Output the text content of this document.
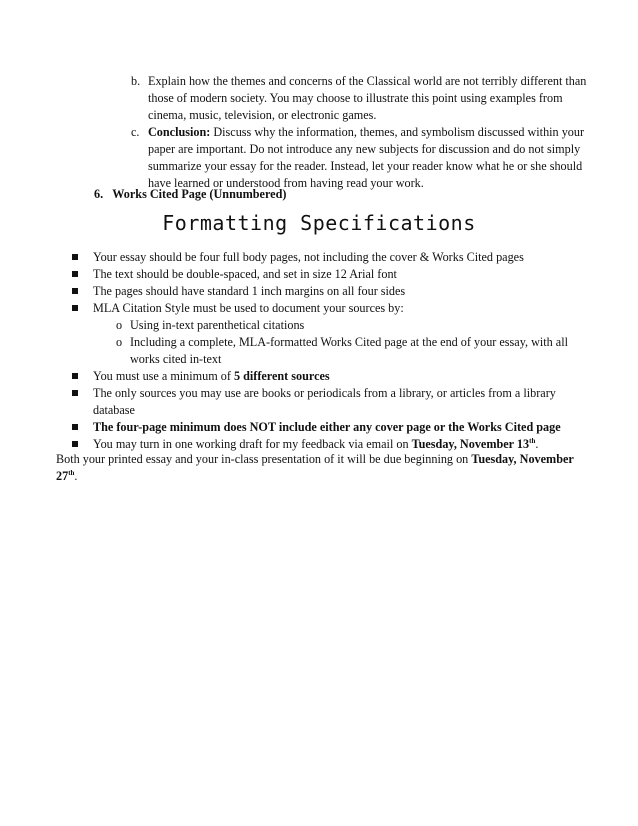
b. Explain how the themes and concerns of the Classical world are not terribly different than those of modern society. You may choose to illustrate this point using examples from cinema, music, television, or electronic games.
c. Conclusion: Discuss why the information, themes, and symbolism discussed within your paper are important. Do not introduce any new subjects for discussion and do not simply summarize your essay for the reader. Instead, let your reader know what he or she should have learned or understood from having read your work.
6. Works Cited Page (Unnumbered)
Formatting Specifications
Your essay should be four full body pages, not including the cover & Works Cited pages
The text should be double-spaced, and set in size 12 Arial font
The pages should have standard 1 inch margins on all four sides
MLA Citation Style must be used to document your sources by:
o Using in-text parenthetical citations
o Including a complete, MLA-formatted Works Cited page at the end of your essay, with all works cited in-text
You must use a minimum of 5 different sources
The only sources you may use are books or periodicals from a library, or articles from a library database
The four-page minimum does NOT include either any cover page or the Works Cited page
You may turn in one working draft for my feedback via email on Tuesday, November 13th.
Both your printed essay and your in-class presentation of it will be due beginning on Tuesday, November 27th.
